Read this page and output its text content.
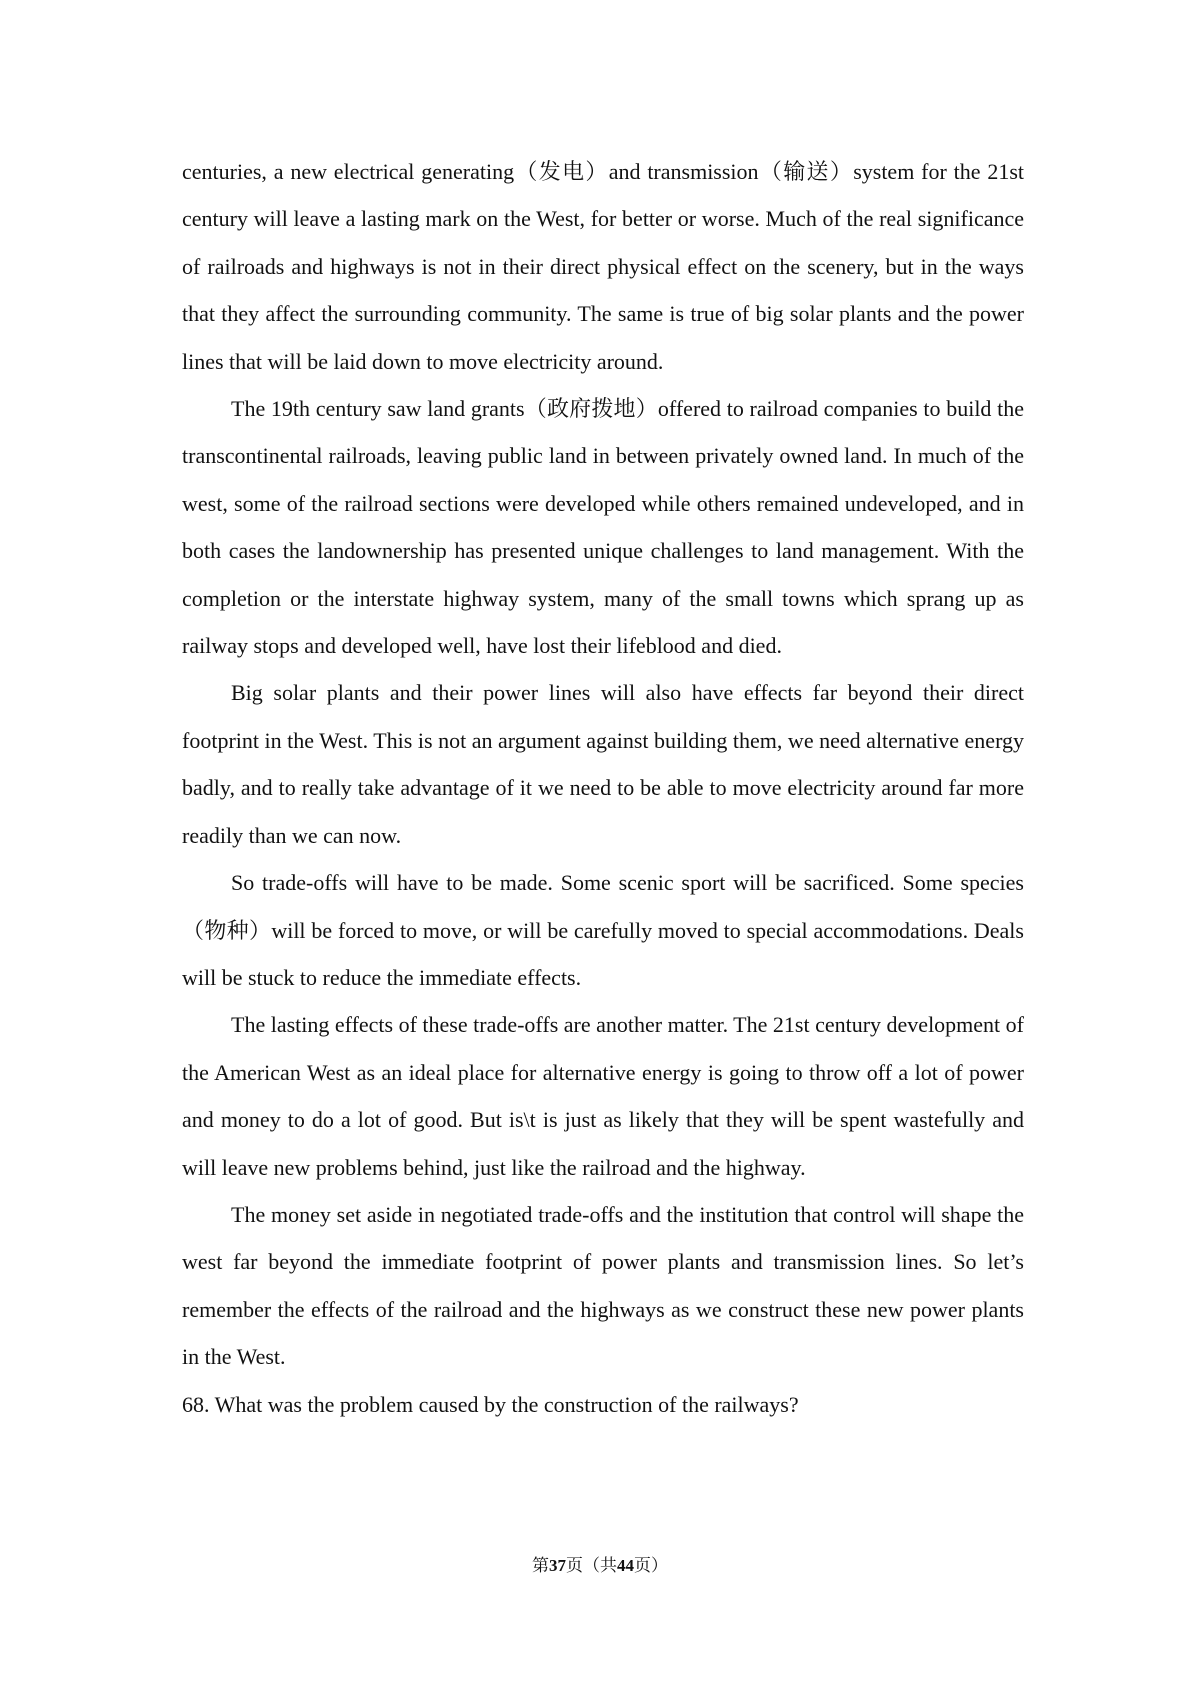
centuries, a new electrical generating（发电）and transmission（输送）system for the 21st century will leave a lasting mark on the West, for better or worse. Much of the real significance of railroads and highways is not in their direct physical effect on the scenery, but in the ways that they affect the surrounding community. The same is true of big solar plants and the power lines that will be laid down to move electricity around.

The 19th century saw land grants（政府拨地）offered to railroad companies to build the transcontinental railroads, leaving public land in between privately owned land. In much of the west, some of the railroad sections were developed while others remained undeveloped, and in both cases the landownership has presented unique challenges to land management. With the completion or the interstate highway system, many of the small towns which sprang up as railway stops and developed well, have lost their lifeblood and died.

Big solar plants and their power lines will also have effects far beyond their direct footprint in the West. This is not an argument against building them, we need alternative energy badly, and to really take advantage of it we need to be able to move electricity around far more readily than we can now.

So trade-offs will have to be made. Some scenic sport will be sacrificed. Some species（物种）will be forced to move, or will be carefully moved to special accommodations. Deals will be stuck to reduce the immediate effects.

The lasting effects of these trade-offs are another matter. The 21st century development of the American West as an ideal place for alternative energy is going to throw off a lot of power and money to do a lot of good. But is\t is just as likely that they will be spent wastefully and will leave new problems behind, just like the railroad and the highway.

The money set aside in negotiated trade-offs and the institution that control will shape the west far beyond the immediate footprint of power plants and transmission lines. So let’s remember the effects of the railroad and the highways as we construct these new power plants in the West.

68. What was the problem caused by the construction of the railways?

第37页（共44页）
